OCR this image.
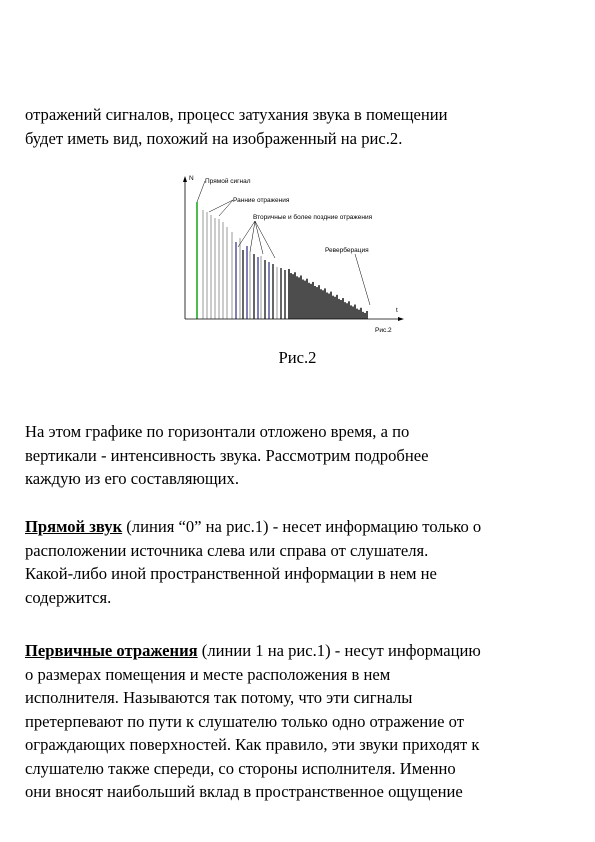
отражений сигналов, процесс затухания звука в помещении
будет иметь вид, похожий на изображенный на рис.2.
N
t
Прямой сигнал
Ранние отражения
Вторичные и более поздние отражения
Реверберация
Рис.2
Рис.2
На этом графике по горизонтали отложено время, а по
вертикали - интенсивность звука. Рассмотрим подробнее
каждую из его составляющих.
Прямой звук (линия “0” на рис.1) - несет информацию только о
расположении источника слева или справа от слушателя.
Какой-либо иной пространственной информации в нем не
содержится.
Первичные отражения (линии 1 на рис.1) - несут информацию
о размерах помещения и месте расположения в нем
исполнителя. Называются так потому, что эти сигналы
претерпевают по пути к слушателю только одно отражение от
ограждающих поверхностей. Как правило, эти звуки приходят к
слушателю также спереди, со стороны исполнителя. Именно
они вносят наибольший вклад в пространственное ощущение
